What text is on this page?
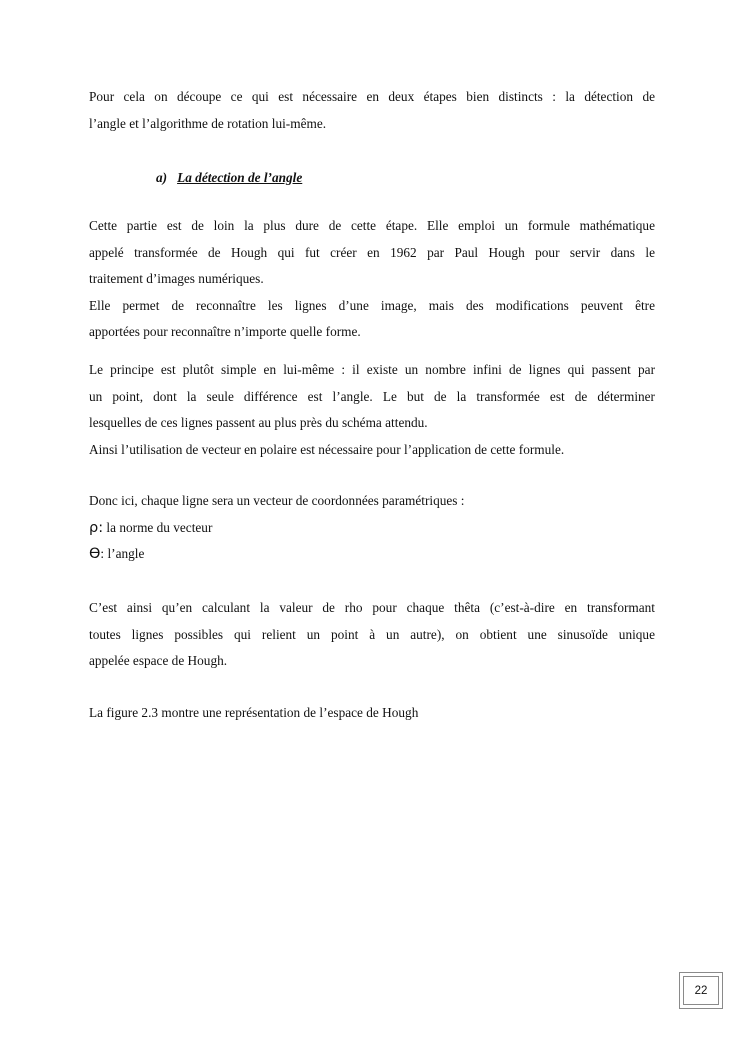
Pour cela on découpe ce qui est nécessaire en deux étapes bien distincts : la détection de
l’angle et l’algorithme de rotation lui-même.

a) La détection de l’angle

Cette partie est de loin la plus dure de cette étape. Elle emploi un formule mathématique
appelé transformée de Hough qui fut créer en 1962 par Paul Hough pour servir dans le
traitement d’images numériques.
Elle permet de reconnaître les lignes d’une image, mais des modifications peuvent être
apportées pour reconnaître n’importe quelle forme.

Le principe est plutôt simple en lui-même : il existe un nombre infini de lignes qui passent par
un point, dont la seule différence est l’angle. Le but de la transformée est de déterminer
lesquelles de ces lignes passent au plus près du schéma attendu.
Ainsi l’utilisation de vecteur en polaire est nécessaire pour l’application de cette formule.

Donc ici, chaque ligne sera un vecteur de coordonnées paramétriques :
ρ: la norme du vecteur
Ɵ: l’angle

C’est ainsi qu’en calculant la valeur de rho pour chaque thêta (c’est-à-dire en transformant
toutes lignes possibles qui relient un point à un autre), on obtient une sinusoïde unique
appelée espace de Hough.

La figure 2.3 montre une représentation de l’espace de Hough

22
